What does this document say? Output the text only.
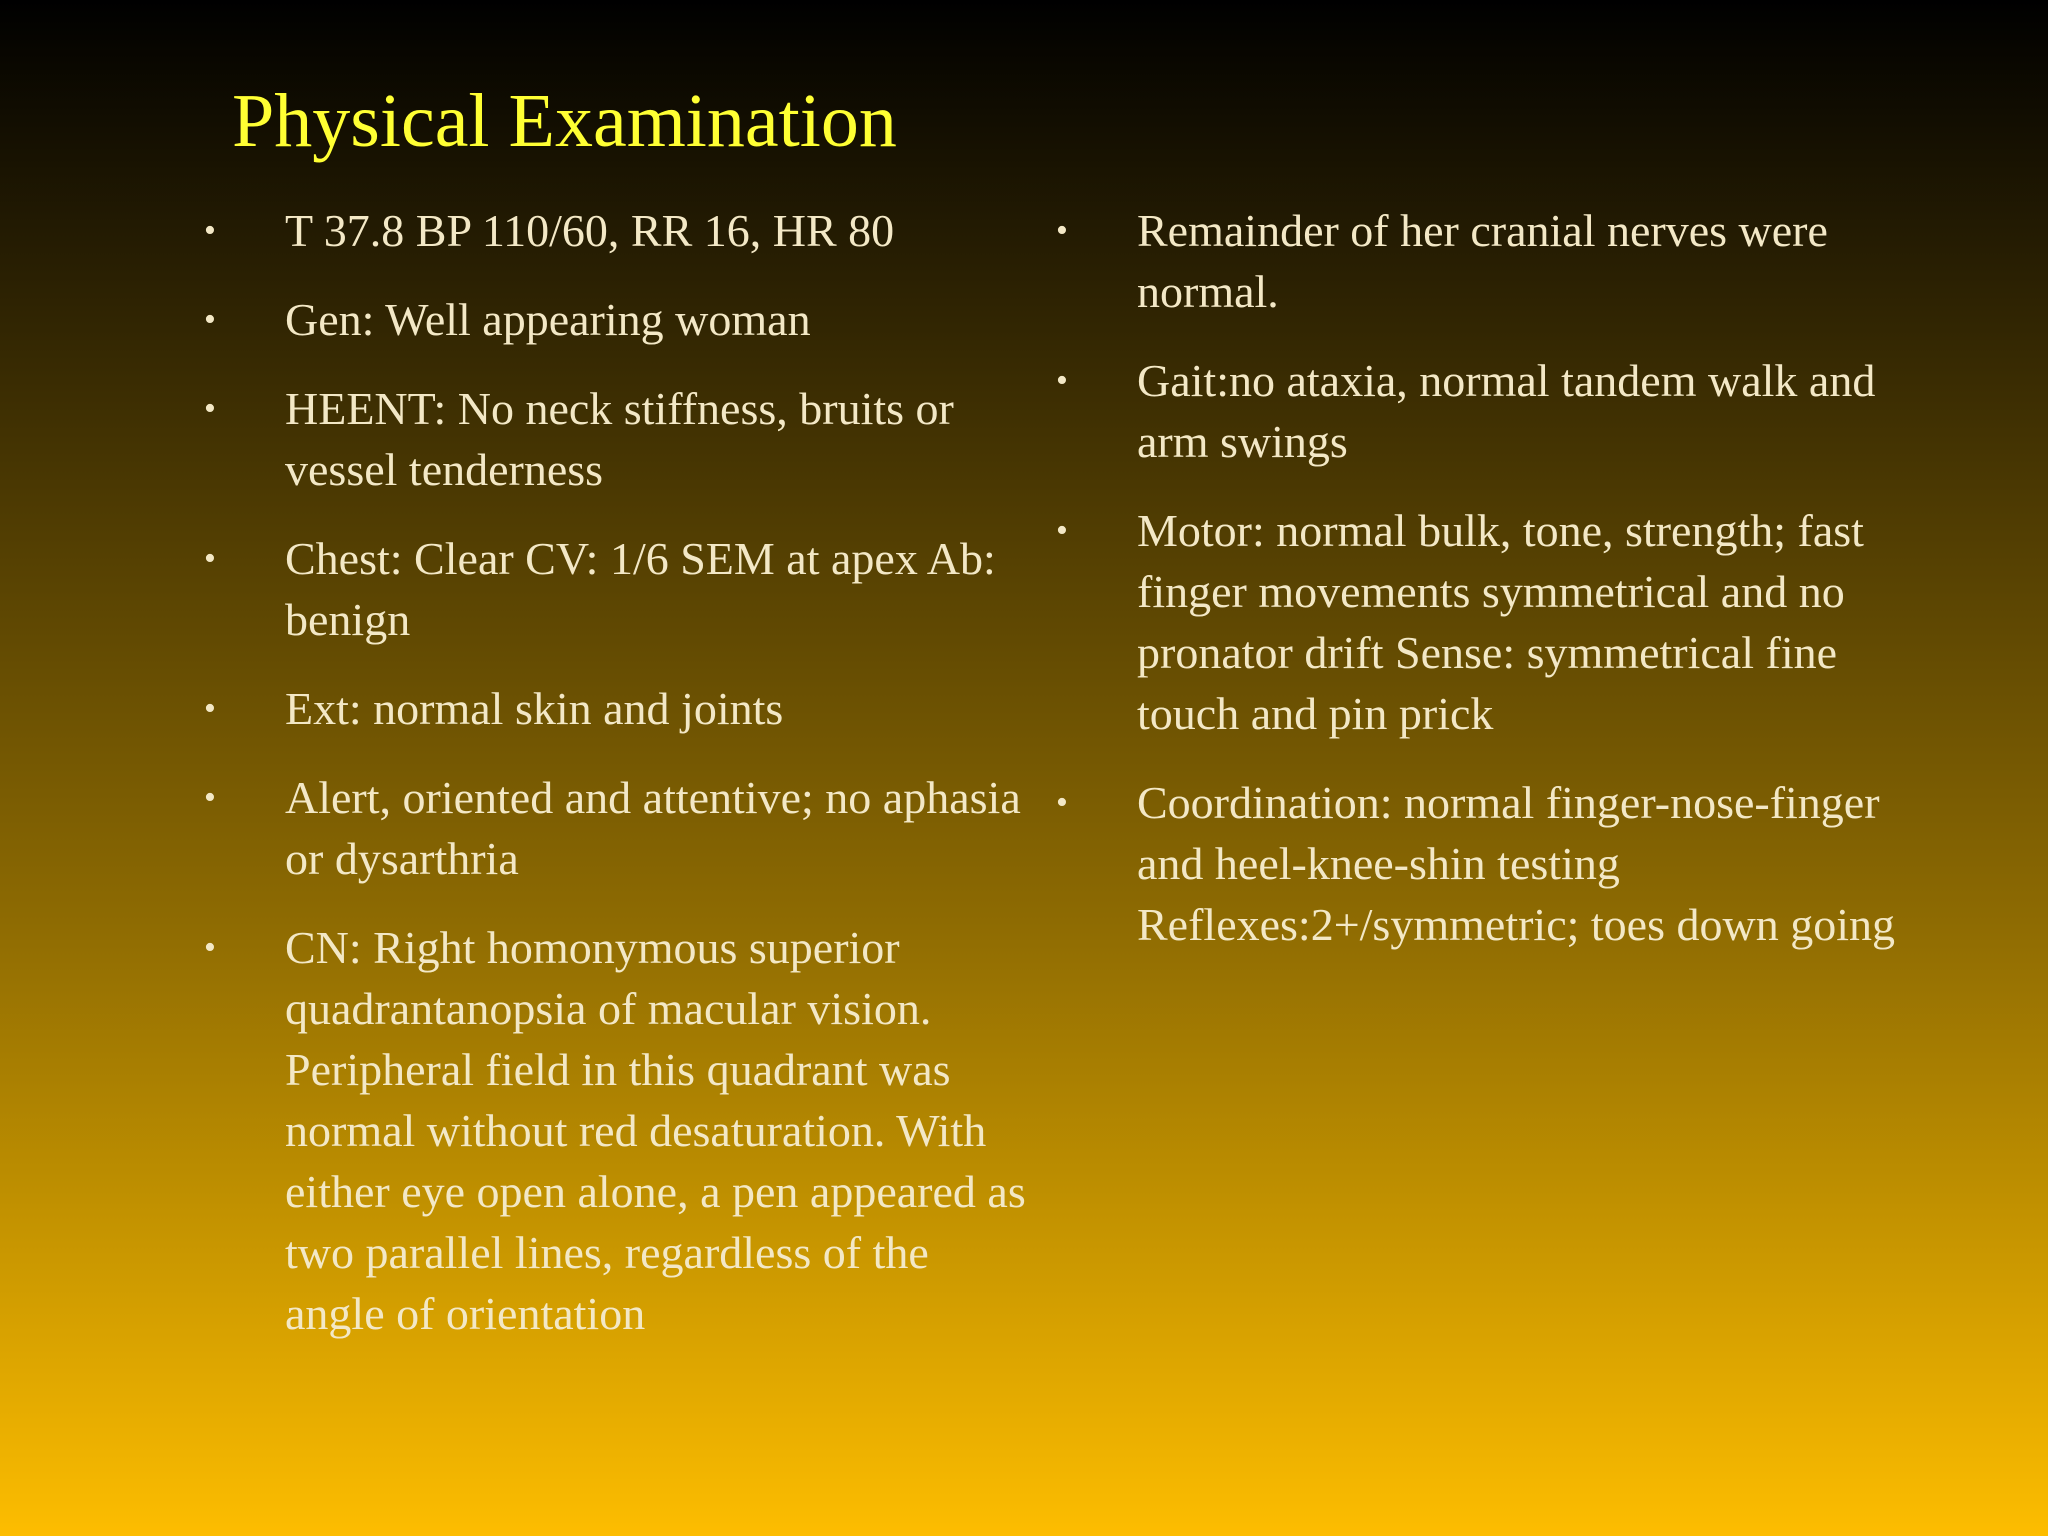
Physical Examination
• T 37.8 BP 110/60, RR 16, HR 80
• Gen: Well appearing woman
• HEENT: No neck stiffness, bruits or vessel tenderness
• Chest: Clear CV: 1/6 SEM at apex Ab: benign
• Ext: normal skin and joints
• Alert, oriented and attentive; no aphasia or dysarthria
• CN: Right homonymous superior quadrantanopsia of macular vision. Peripheral field in this quadrant was normal without red desaturation. With either eye open alone, a pen appeared as two parallel lines, regardless of the angle of orientation
• Remainder of her cranial nerves were normal.
• Gait:no ataxia, normal tandem walk and arm swings
• Motor: normal bulk, tone, strength; fast finger movements symmetrical and no pronator drift Sense: symmetrical fine touch and pin prick
• Coordination: normal finger-nose-finger and heel-knee-shin testing Reflexes:2+/symmetric; toes down going
